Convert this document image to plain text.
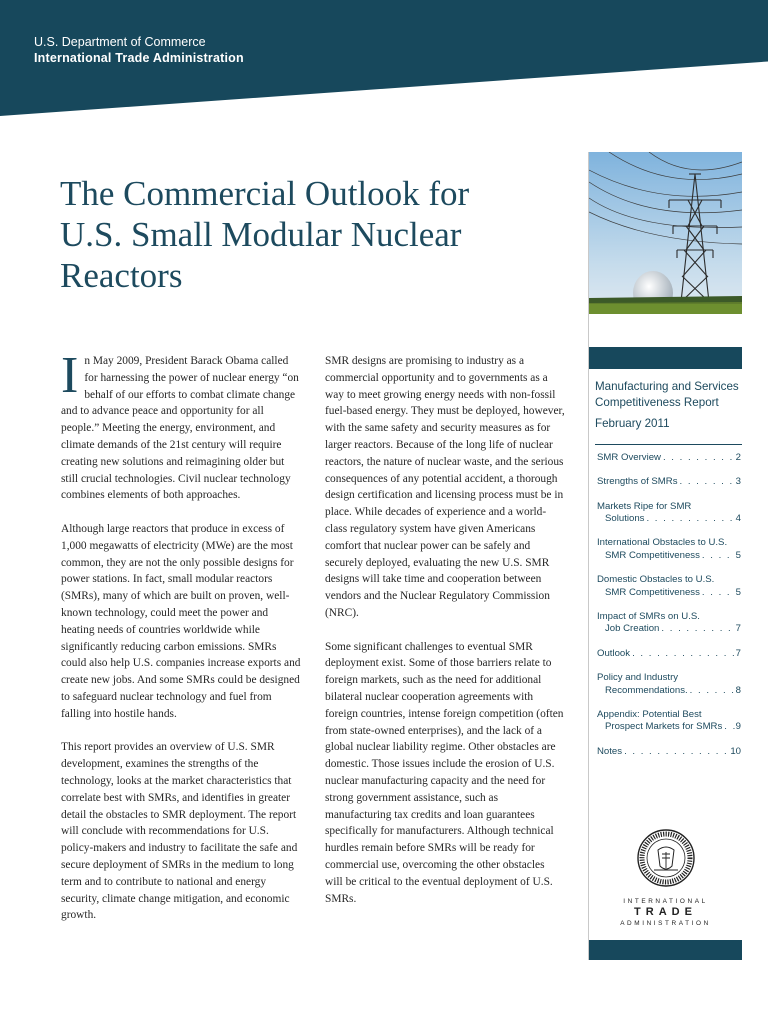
U.S. Department of Commerce
International Trade Administration
The Commercial Outlook for U.S. Small Modular Nuclear Reactors

I n May 2009, President Barack Obama called for harnessing the power of nuclear energy “on behalf of our efforts to combat climate change and to advance peace and opportunity for all people.” Meeting the energy, environment, and climate demands of the 21st century will require creating new solutions and reimagining older but still crucial technologies. Civil nuclear technology combines elements of both approaches.

Although large reactors that produce in excess of 1,000 megawatts of electricity (MWe) are the most common, they are not the only possible designs for power stations. In fact, small modular reactors (SMRs), many of which are built on proven, well-known technology, could meet the power and heating needs of countries worldwide while significantly reducing carbon emissions. SMRs could also help U.S. companies increase exports and create new jobs. And some SMRs could be designed to safeguard nuclear technology and fuel from falling into hostile hands.

This report provides an overview of U.S. SMR development, examines the strengths of the technology, looks at the market characteristics that correlate best with SMRs, and identifies in greater detail the obstacles to SMR deployment. The report will conclude with recommendations for U.S. policy-makers and industry to facilitate the safe and secure deployment of SMRs in the medium to long term and to contribute to national and energy security, climate change mitigation, and economic growth.

SMR designs are promising to industry as a commercial opportunity and to governments as a way to meet growing energy needs with non-fossil fuel-based energy. They must be deployed, however, with the same safety and security measures as for larger reactors. Because of the long life of nuclear reactors, the nature of nuclear waste, and the serious consequences of any potential accident, a thorough design certification and licensing process must be in place. While decades of experience and a world-class regulatory system have given Americans comfort that nuclear power can be safely and securely deployed, evaluating the new U.S. SMR designs will take time and cooperation between vendors and the Nuclear Regulatory Commission (NRC).

Some significant challenges to eventual SMR deployment exist. Some of those barriers relate to foreign markets, such as the need for additional bilateral nuclear cooperation agreements with foreign countries, intense foreign competition (often from state-owned enterprises), and the lack of a global nuclear liability regime. Other obstacles are domestic. Those issues include the erosion of U.S. nuclear manufacturing capacity and the need for strong government assistance, such as manufacturing tax credits and loan guarantees specifically for manufacturers. Although technical hurdles remain before SMRs will be ready for commercial use, overcoming the other obstacles will be critical to the eventual deployment of U.S. SMRs.

Manufacturing and Services Competitiveness Report
February 2011
SMR Overview . . .	2
Strengths of SMRs . . .	3
Markets Ripe for SMR
Solutions . . .	4
International Obstacles to U.S.
SMR Competitiveness . . .	5
Domestic Obstacles to U.S.
SMR Competitiveness . . .	5
Impact of SMRs on U.S.
Job Creation . . .	7
Outlook . . .	7
Policy and Industry
Recommendations. . . .	8
Appendix: Potential Best
Prospect Markets for SMRs . . . 9
Notes . . .	10
INTERNATIONAL
TRADE
ADMINISTRATION
